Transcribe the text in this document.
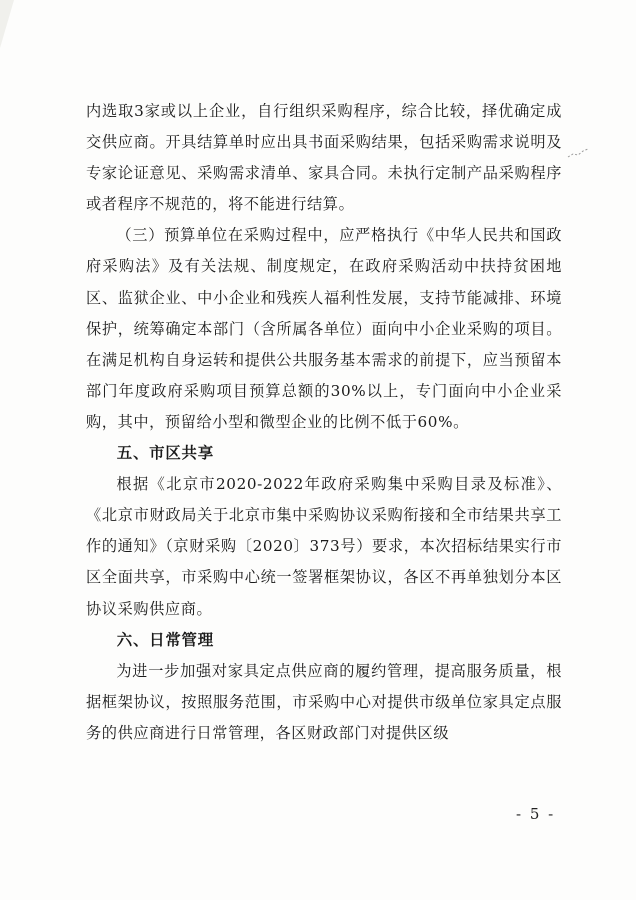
内选取3家或以上企业，自行组织采购程序，综合比较，择优确定成交供应商。开具结算单时应出具书面采购结果，包括采购需求说明及专家论证意见、采购需求清单、家具合同。未执行定制产品采购程序或者程序不规范的，将不能进行结算。

（三）预算单位在采购过程中，应严格执行《中华人民共和国政府采购法》及有关法规、制度规定，在政府采购活动中扶持贫困地区、监狱企业、中小企业和残疾人福利性发展，支持节能减排、环境保护，统筹确定本部门（含所属各单位）面向中小企业采购的项目。在满足机构自身运转和提供公共服务基本需求的前提下，应当预留本部门年度政府采购项目预算总额的30%以上，专门面向中小企业采购，其中，预留给小型和微型企业的比例不低于60%。

五、市区共享

根据《北京市2020-2022年政府采购集中采购目录及标准》、《北京市财政局关于北京市集中采购协议采购衔接和全市结果共享工作的通知》（京财采购〔2020〕373号）要求，本次招标结果实行市区全面共享，市采购中心统一签署框架协议，各区不再单独划分本区协议采购供应商。

六、日常管理

为进一步加强对家具定点供应商的履约管理，提高服务质量，根据框架协议，按照服务范围，市采购中心对提供市级单位家具定点服务的供应商进行日常管理，各区财政部门对提供区级

- 5 -
